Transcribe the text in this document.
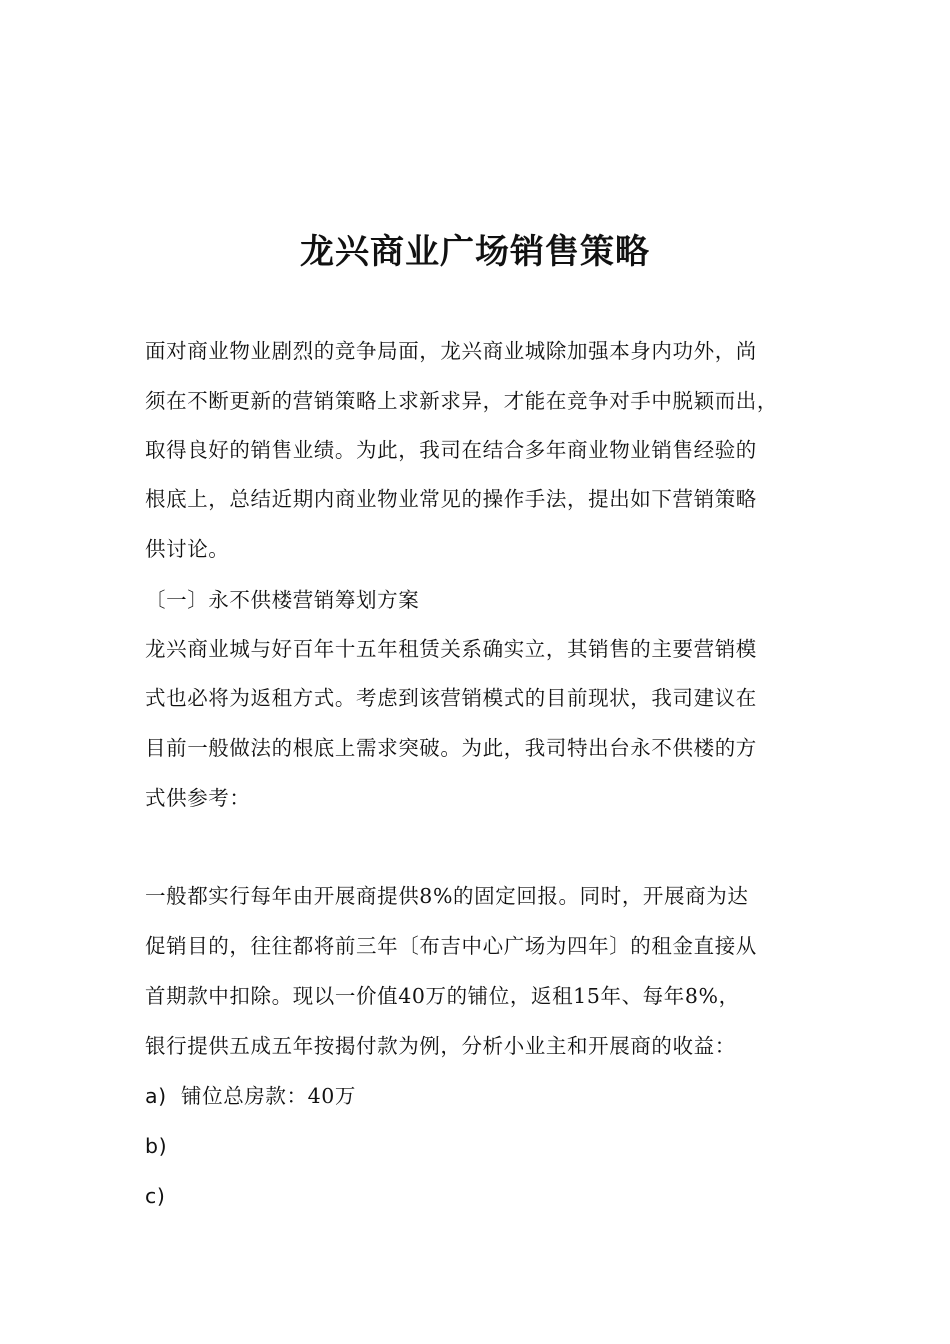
龙兴商业广场销售策略
面对商业物业剧烈的竞争局面，龙兴商业城除加强本身内功外，尚
须在不断更新的营销策略上求新求异，才能在竞争对手中脱颖而出，
取得良好的销售业绩。为此，我司在结合多年商业物业销售经验的
根底上，总结近期内商业物业常见的操作手法，提出如下营销策略
供讨论。
〔一〕永不供楼营销筹划方案
龙兴商业城与好百年十五年租赁关系确实立，其销售的主要营销模
式也必将为返租方式。考虑到该营销模式的目前现状，我司建议在
目前一般做法的根底上需求突破。为此，我司特出台永不供楼的方
式供参考：
一般都实行每年由开展商提供8%的固定回报。同时，开展商为达
促销目的，往往都将前三年〔布吉中心广场为四年〕的租金直接从
首期款中扣除。现以一价值40万的铺位，返租15年、每年8%，
银行提供五成五年按揭付款为例，分析小业主和开展商的收益：
a) 铺位总房款：40万
b)
c)
